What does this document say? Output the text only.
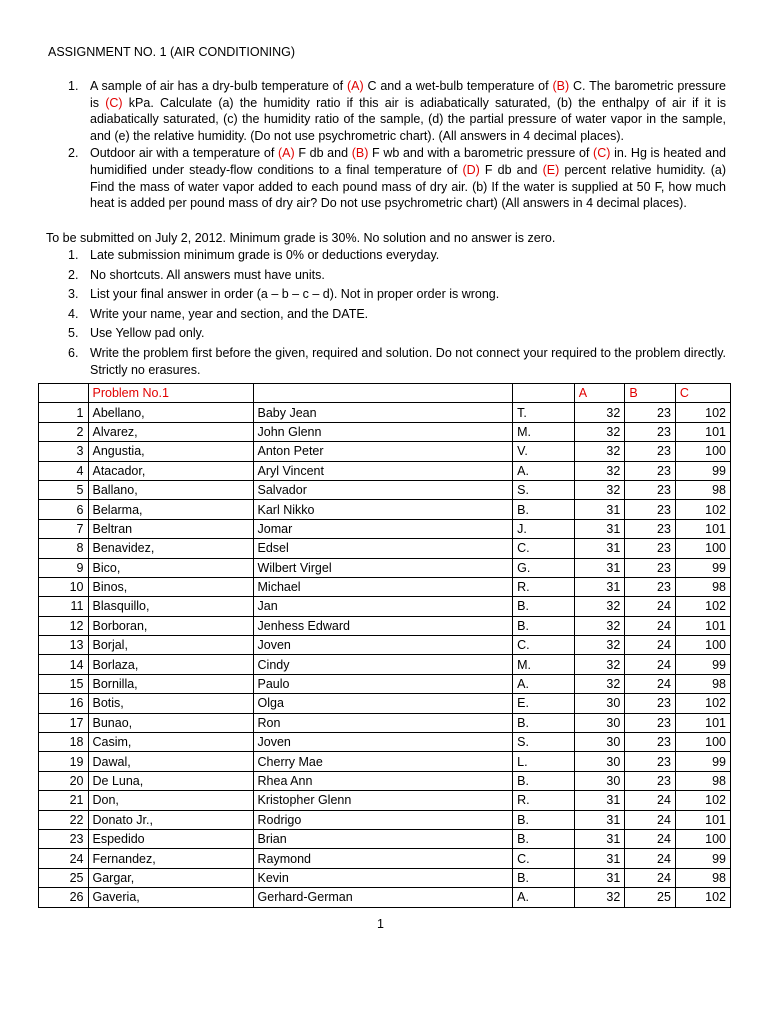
ASSIGNMENT NO. 1 (AIR CONDITIONING)
1. A sample of air has a dry-bulb temperature of (A) C and a wet-bulb temperature of (B) C. The barometric pressure is (C) kPa. Calculate (a) the humidity ratio if this air is adiabatically saturated, (b) the enthalpy of air if it is adiabatically saturated, (c) the humidity ratio of the sample, (d) the partial pressure of water vapor in the sample, and (e) the relative humidity. (Do not use psychrometric chart). (All answers in 4 decimal places).
2. Outdoor air with a temperature of (A) F db and (B) F wb and with a barometric pressure of (C) in. Hg is heated and humidified under steady-flow conditions to a final temperature of (D) F db and (E) percent relative humidity. (a) Find the mass of water vapor added to each pound mass of dry air. (b) If the water is supplied at 50 F, how much heat is added per pound mass of dry air? Do not use psychrometric chart) (All answers in 4 decimal places).
To be submitted on July 2, 2012. Minimum grade is 30%. No solution and no answer is zero.
1. Late submission minimum grade is 0% or deductions everyday.
2. No shortcuts. All answers must have units.
3. List your final answer in order (a – b – c – d). Not in proper order is wrong.
4. Write your name, year and section, and the DATE.
5. Use Yellow pad only.
6. Write the problem first before the given, required and solution. Do not connect your required to the problem directly. Strictly no erasures.
	Problem No.1			A	B	C
1	Abellano,	Baby Jean	T.	32	23	102
2	Alvarez,	John Glenn	M.	32	23	101
3	Angustia,	Anton Peter	V.	32	23	100
4	Atacador,	Aryl Vincent	A.	32	23	99
5	Ballano,	Salvador	S.	32	23	98
6	Belarma,	Karl Nikko	B.	31	23	102
7	Beltran	Jomar	J.	31	23	101
8	Benavidez,	Edsel	C.	31	23	100
9	Bico,	Wilbert Virgel	G.	31	23	99
10	Binos,	Michael	R.	31	23	98
11	Blasquillo,	Jan	B.	32	24	102
12	Borboran,	Jenhess Edward	B.	32	24	101
13	Borjal,	Joven	C.	32	24	100
14	Borlaza,	Cindy	M.	32	24	99
15	Bornilla,	Paulo	A.	32	24	98
16	Botis,	Olga	E.	30	23	102
17	Bunao,	Ron	B.	30	23	101
18	Casim,	Joven	S.	30	23	100
19	Dawal,	Cherry Mae	L.	30	23	99
20	De Luna,	Rhea Ann	B.	30	23	98
21	Don,	Kristopher Glenn	R.	31	24	102
22	Donato Jr.,	Rodrigo	B.	31	24	101
23	Espedido	Brian	B.	31	24	100
24	Fernandez,	Raymond	C.	31	24	99
25	Gargar,	Kevin	B.	31	24	98
26	Gaveria,	Gerhard-German	A.	32	25	102
1
